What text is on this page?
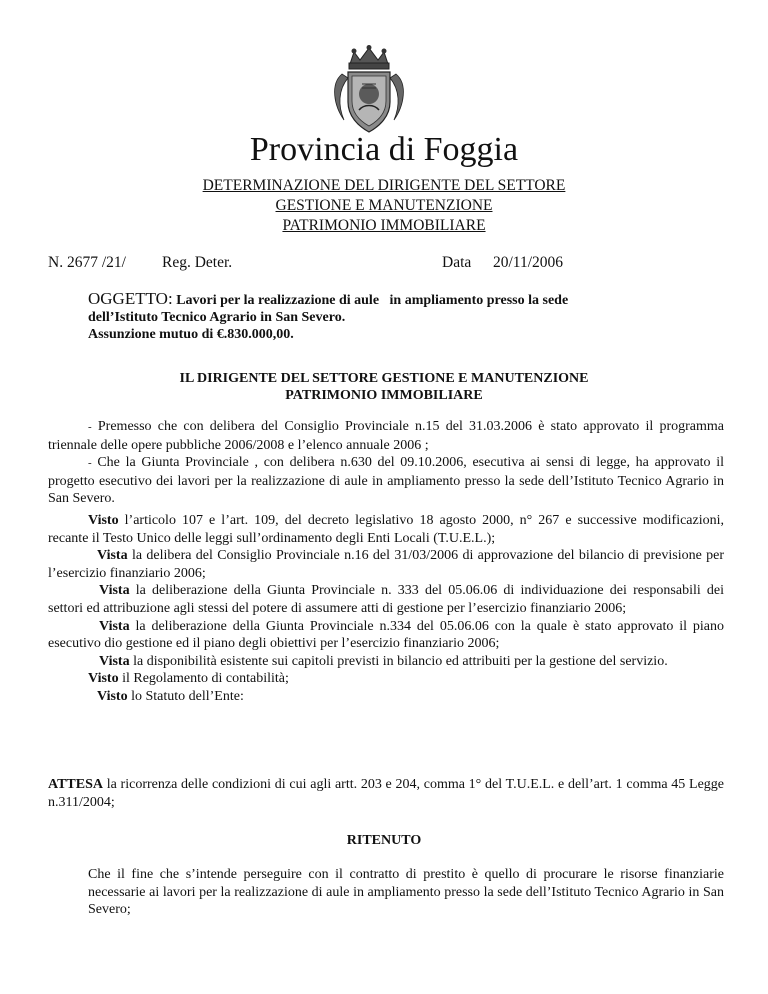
Provincia di Foggia
DETERMINAZIONE DEL DIRIGENTE DEL SETTORE
GESTIONE E MANUTENZIONE
PATRIMONIO IMMOBILIARE
N. 2677 /21/ Reg. Deter.	Data 20/11/2006
OGGETTO: Lavori per la realizzazione di aule   in ampliamento presso la sede
dell’Istituto Tecnico Agrario in San Severo.
Assunzione mutuo di €.830.000,00.
IL DIRIGENTE DEL SETTORE GESTIONE E MANUTENZIONE
PATRIMONIO IMMOBILIARE

- Premesso che con delibera del Consiglio Provinciale n.15 del 31.03.2006 è stato approvato il programma triennale delle opere pubbliche 2006/2008 e l’elenco annuale 2006 ;

- Che la Giunta Provinciale , con delibera n.630 del 09.10.2006, esecutiva ai sensi di legge, ha approvato il progetto esecutivo dei lavori per la realizzazione di aule in ampliamento presso la sede dell’Istituto Tecnico Agrario in San Severo.

Visto l’articolo 107 e l’art. 109, del decreto legislativo 18 agosto 2000, n° 267 e successive modificazioni, recante il Testo Unico delle leggi sull’ordinamento degli Enti Locali (T.U.E.L.);

Vista la delibera del Consiglio Provinciale n.16 del 31/03/2006 di approvazione del bilancio di previsione per l’esercizio finanziario 2006;

Vista la deliberazione della Giunta Provinciale n. 333 del 05.06.06 di individuazione dei responsabili dei settori ed attribuzione agli stessi del potere di assumere atti di gestione per l’esercizio finanziario 2006;

Vista la deliberazione della Giunta Provinciale n.334 del 05.06.06 con la quale è stato approvato il piano esecutivo dio gestione ed il piano degli obiettivi per l’esercizio finanziario 2006;

Vista la disponibilità esistente sui capitoli previsti in bilancio ed attribuiti per la gestione del servizio.

Visto il Regolamento di contabilità;

Visto lo Statuto dell’Ente:

ATTESA la ricorrenza delle condizioni di cui agli artt. 203 e 204, comma 1° del T.U.E.L. e dell’art. 1 comma 45 Legge n.311/2004;

RITENUTO
Che il fine che s’intende perseguire con il contratto di prestito è quello di procurare le risorse finanziarie necessarie ai lavori per la realizzazione di aule in ampliamento presso la sede dell’Istituto Tecnico Agrario in San Severo;
